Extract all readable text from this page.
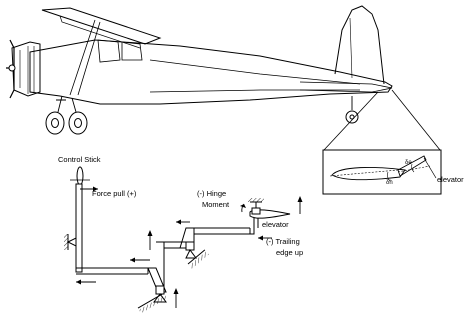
δh
δe
elevator
Control Stick
Force pull (+)	(-) Hinge
Moment
elevator
(-) Trailing
edge up
